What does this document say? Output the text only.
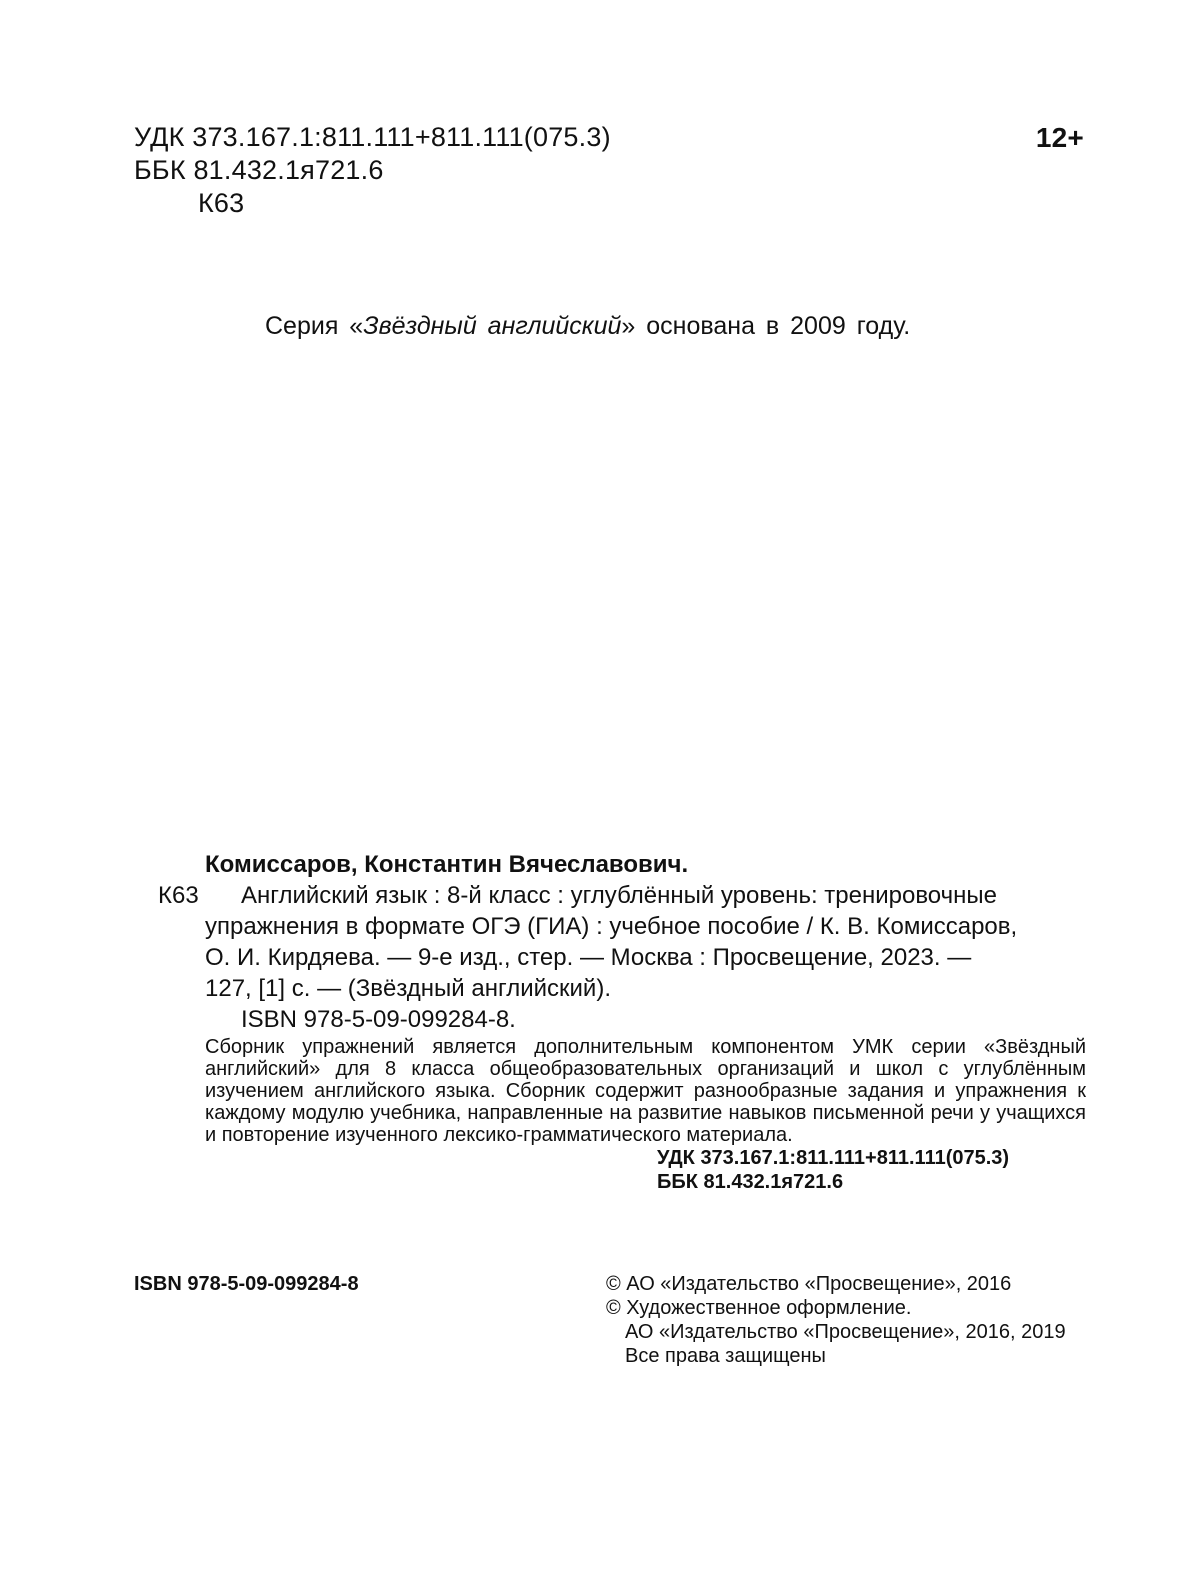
УДК 373.167.1:811.111+811.111(075.3)
ББК 81.432.1я721.6
К63
12+
Серия «Звёздный английский» основана в 2009 году.
Комиссаров, Константин Вячеславович.
К63 Английский язык : 8-й класс : углублённый уровень: тренировочные
упражнения в формате ОГЭ (ГИА) : учебное пособие / К. В. Комиссаров,
О. И. Кирдяева. — 9-е изд., стер. — Москва : Просвещение, 2023. —
127, [1] с. — (Звёздный английский).
ISBN 978-5-09-099284-8.
Сборник упражнений является дополнительным компонентом УМК серии «Звёздный английский» для 8 класса общеобразовательных организаций и школ с углублённым изучением английского языка. Сборник содержит разнообразные задания и упражнения к каждому модулю учебника, направленные на развитие навыков письменной речи у учащихся и повторение изученного лексико-грамматического материала.
УДК 373.167.1:811.111+811.111(075.3)
ББК 81.432.1я721.6
ISBN 978-5-09-099284-8	© АО «Издательство «Просвещение», 2016
© Художественное оформление.
АО «Издательство «Просвещение», 2016, 2019
Все права защищены
